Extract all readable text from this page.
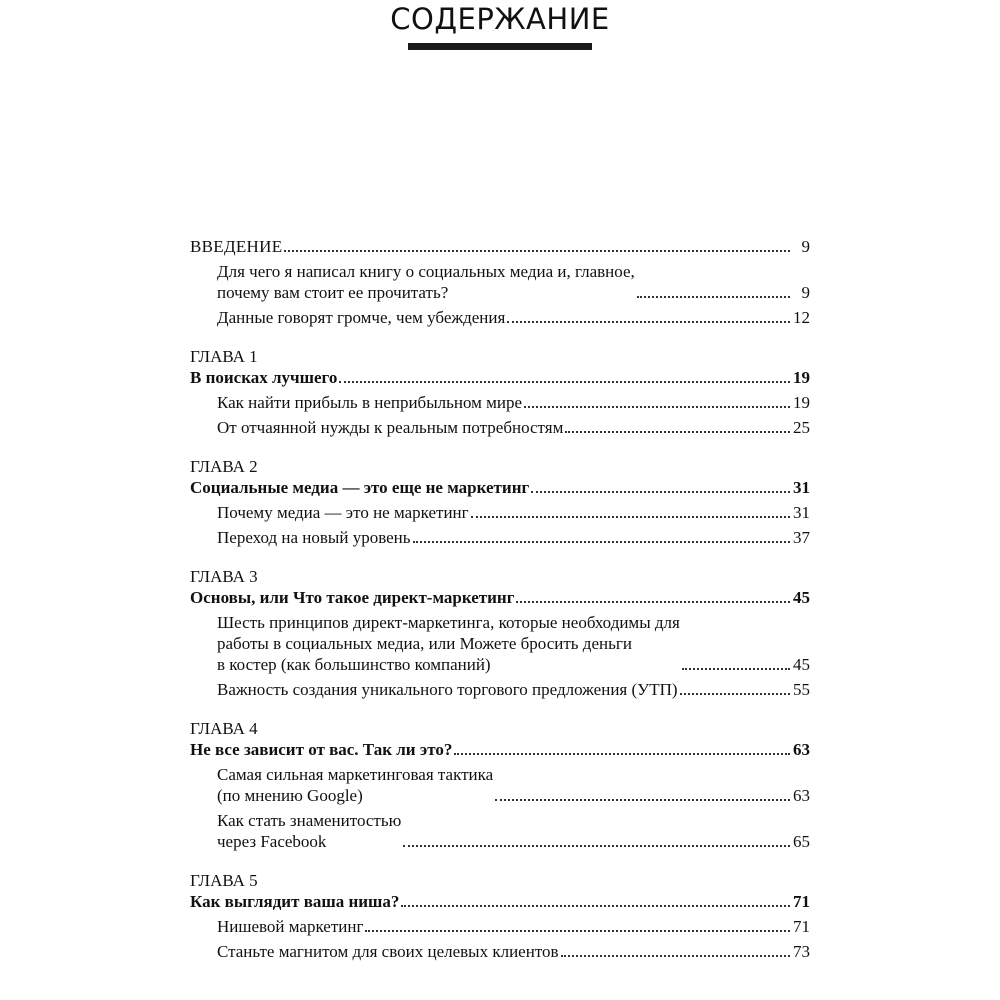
СОДЕРЖАНИЕ
ВВЕДЕНИЕ	9
Для чего я написал книгу о социальных медиа и, главное,
почему вам стоит ее прочитать?	9
Данные говорят громче, чем убеждения	12
ГЛАВА 1
В поисках лучшего	19
Как найти прибыль в неприбыльном мире	19
От отчаянной нужды к реальным потребностям	25
ГЛАВА 2
Социальные медиа — это еще не маркетинг	31
Почему медиа — это не маркетинг	31
Переход на новый уровень	37
ГЛАВА 3
Основы, или Что такое директ-маркетинг	45
Шесть принципов директ-маркетинга, которые необходимы для
работы в социальных медиа, или Можете бросить деньги
в костер (как большинство компаний)	45
Важность создания уникального торгового предложения (УТП)	55
ГЛАВА 4
Не все зависит от вас. Так ли это?	63
Самая сильная маркетинговая тактика
(по мнению Google)	63
Как стать знаменитостью
через Facebook	65
ГЛАВА 5
Как выглядит ваша ниша?	71
Нишевой маркетинг	71
Станьте магнитом для своих целевых клиентов	73
